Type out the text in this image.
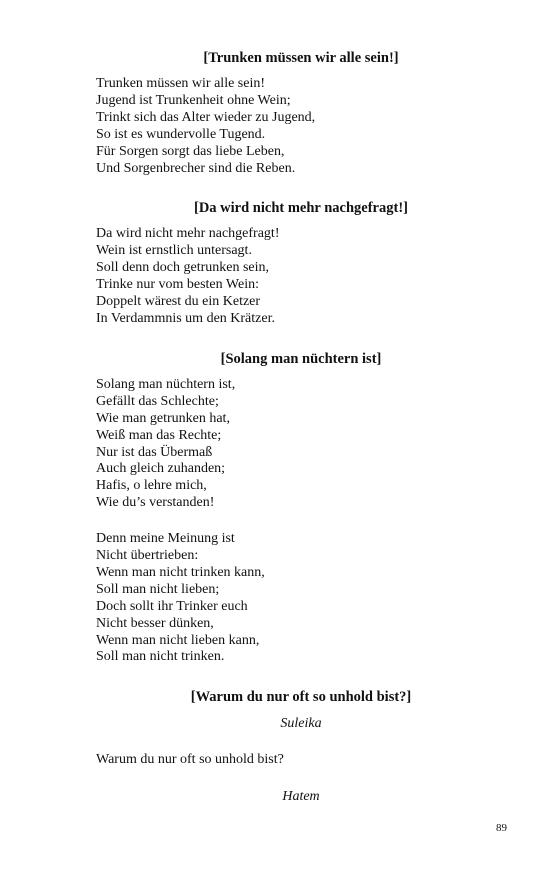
[Trunken müssen wir alle sein!]
Trunken müssen wir alle sein!
Jugend ist Trunkenheit ohne Wein;
Trinkt sich das Alter wieder zu Jugend,
So ist es wundervolle Tugend.
Für Sorgen sorgt das liebe Leben,
Und Sorgenbrecher sind die Reben.
[Da wird nicht mehr nachgefragt!]
Da wird nicht mehr nachgefragt!
Wein ist ernstlich untersagt.
Soll denn doch getrunken sein,
Trinke nur vom besten Wein:
Doppelt wärest du ein Ketzer
In Verdammnis um den Krätzer.
[Solang man nüchtern ist]
Solang man nüchtern ist,
Gefällt das Schlechte;
Wie man getrunken hat,
Weiß man das Rechte;
Nur ist das Übermaß
Auch gleich zuhanden;
Hafis, o lehre mich,
Wie du’s verstanden!
Denn meine Meinung ist
Nicht übertrieben:
Wenn man nicht trinken kann,
Soll man nicht lieben;
Doch sollt ihr Trinker euch
Nicht besser dünken,
Wenn man nicht lieben kann,
Soll man nicht trinken.
[Warum du nur oft so unhold bist?]
Suleika
Warum du nur oft so unhold bist?
Hatem
89
